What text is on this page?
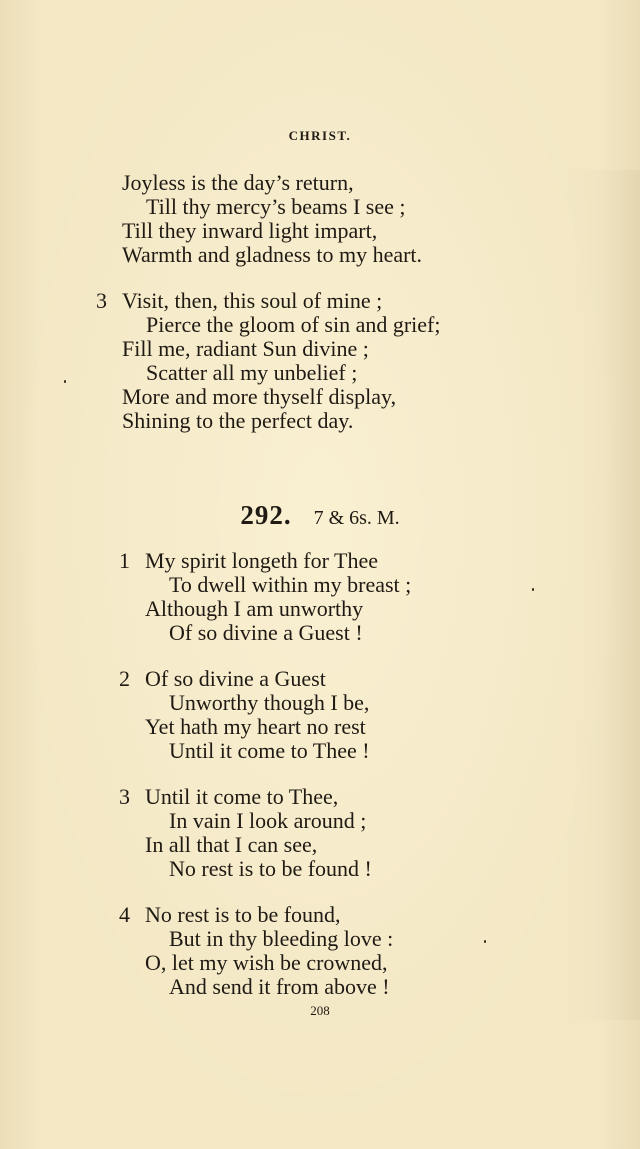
CHRIST.
Joyless is the day’s return,
Till thy mercy’s beams I see ;
Till they inward light impart,
Warmth and gladness to my heart.
3 Visit, then, this soul of mine ;
Pierce the gloom of sin and grief;
Fill me, radiant Sun divine ;
Scatter all my unbelief ;
More and more thyself display,
Shining to the perfect day.
292. 7 & 6s. M.
1 My spirit longeth for Thee
To dwell within my breast ;
Although I am unworthy
Of so divine a Guest !
2 Of so divine a Guest
Unworthy though I be,
Yet hath my heart no rest
Until it come to Thee !
3 Until it come to Thee,
In vain I look around ;
In all that I can see,
No rest is to be found !
4 No rest is to be found,
But in thy bleeding love :
O, let my wish be crowned,
And send it from above !
208
